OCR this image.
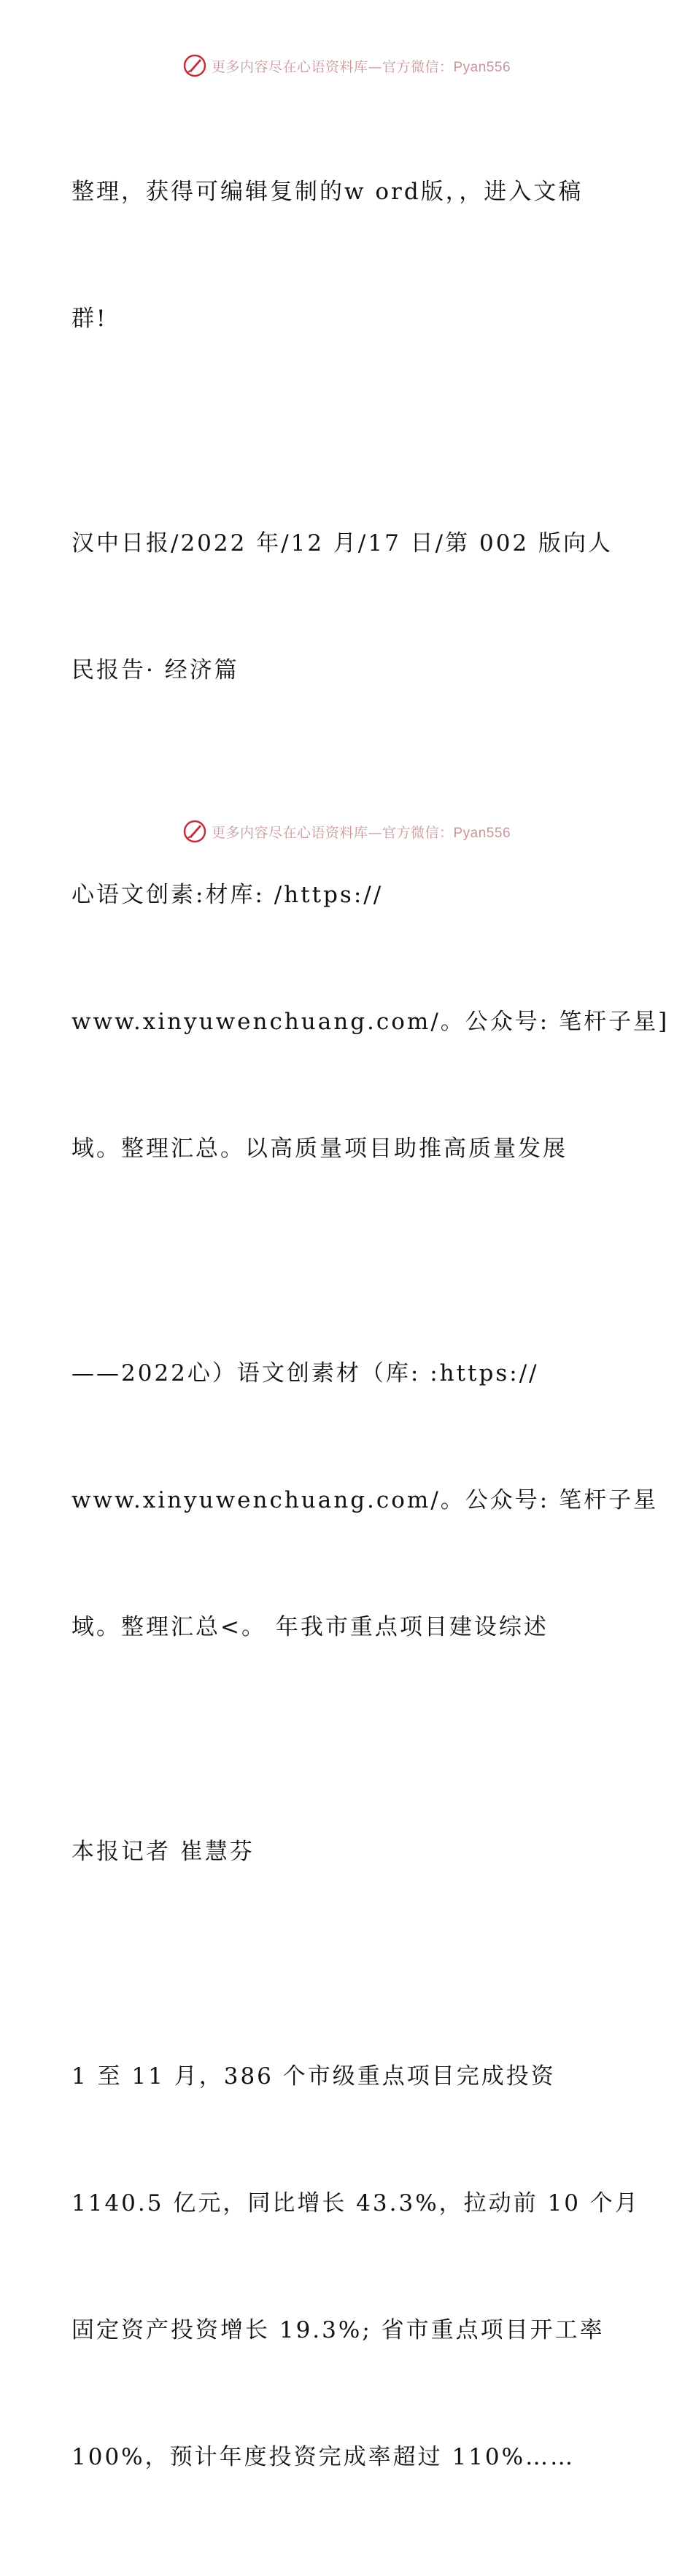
更多内容尽在心语资料库—官方微信：Pyan556

整理，获得可编辑复制的w ord版，，进入文稿

群!

汉中日报/2022 年/12 月/17 日/第 002 版向人

民报告· 经济篇

心语文创素:材库: /https://

www.xinyuwenchuang.com/。公众号: 笔杆子星]

域。整理汇总。以高质量项目助推高质量发展

——2022心）语文创素材（库: :https://

www.xinyuwenchuang.com/。公众号: 笔杆子星

域。整理汇总<。 年我市重点项目建设综述

本报记者 崔慧芬

1 至 11 月，386 个市级重点项目完成投资

1140.5 亿元，同比增长 43.3%，拉动前 10 个月

固定资产投资增长 19.3%; 省市重点项目开工率

100%，预计年度投资完成率超过 110%……

更多内容尽在心语资料库—官方微信：Pyan556
